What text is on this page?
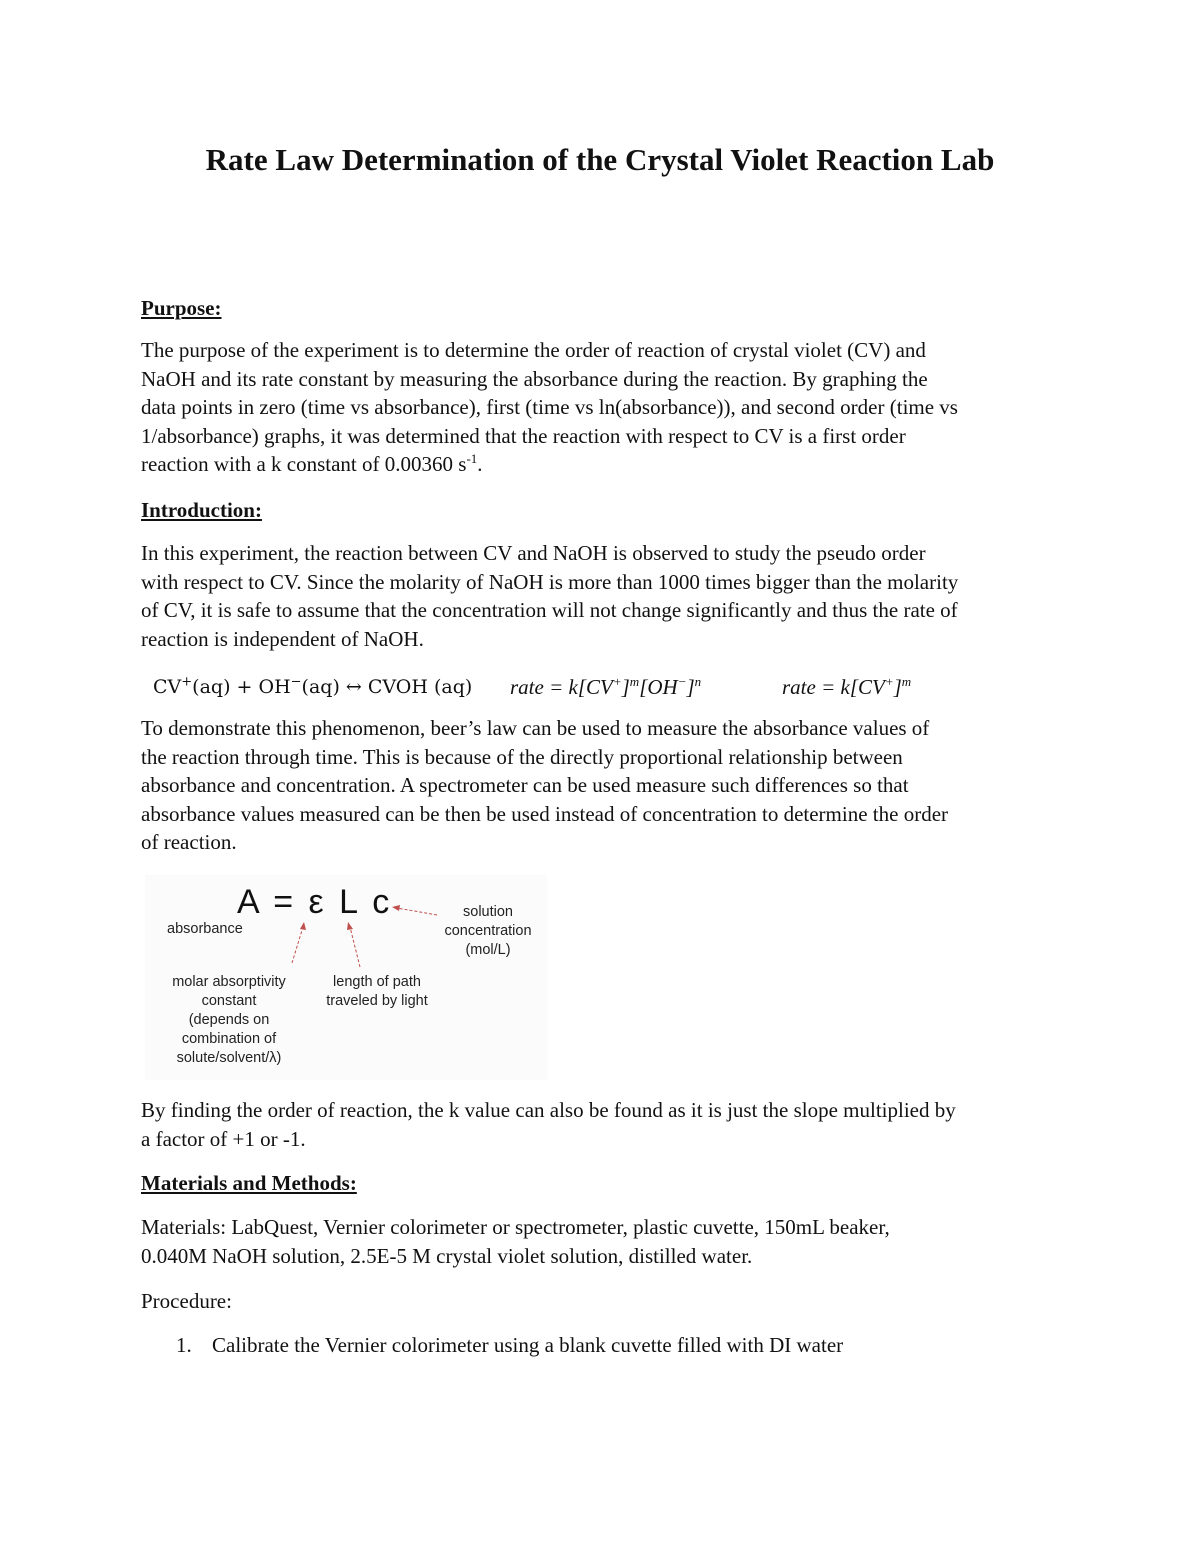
Rate Law Determination of the Crystal Violet Reaction Lab
Purpose:
The purpose of the experiment is to determine the order of reaction of crystal violet (CV) and
NaOH and its rate constant by measuring the absorbance during the reaction. By graphing the
data points in zero (time vs absorbance), first (time vs ln(absorbance)), and second order (time vs
1/absorbance) graphs, it was determined that the reaction with respect to CV is a first order
reaction with a k constant of 0.00360 $s^{-1}$.
Introduction:
In this experiment, the reaction between CV and NaOH is observed to study the pseudo order
with respect to CV. Since the molarity of NaOH is more than 1000 times bigger than the molarity
of CV, it is safe to assume that the concentration will not change significantly and thus the rate of
reaction is independent of NaOH.
CV+(aq) + OH−(aq) ↔ CVOH (aq) rate = $k[CV^+]^m[OH^-]^n$	rate = $k[CV^+]^m$
To demonstrate this phenomenon, beer’s law can be used to measure the absorbance values of
the reaction through time. This is because of the directly proportional relationship between
absorbance and concentration. A spectrometer can be used measure such differences so that
absorbance values measured can be then be used instead of concentration to determine the order
of reaction.
A = ε L c
absorbance
solution
concentration
(mol/L)
molar absorptivity
constant
(depends on
combination of
solute/solvent/λ)
length of path
traveled by light
By finding the order of reaction, the k value can also be found as it is just the slope multiplied by
a factor of +1 or -1.
Materials and Methods:
Materials: LabQuest, Vernier colorimeter or spectrometer, plastic cuvette, 150mL beaker,
0.040M NaOH solution, 2.5E-5 M crystal violet solution, distilled water.
Procedure:
1. Calibrate the Vernier colorimeter using a blank cuvette filled with DI water
